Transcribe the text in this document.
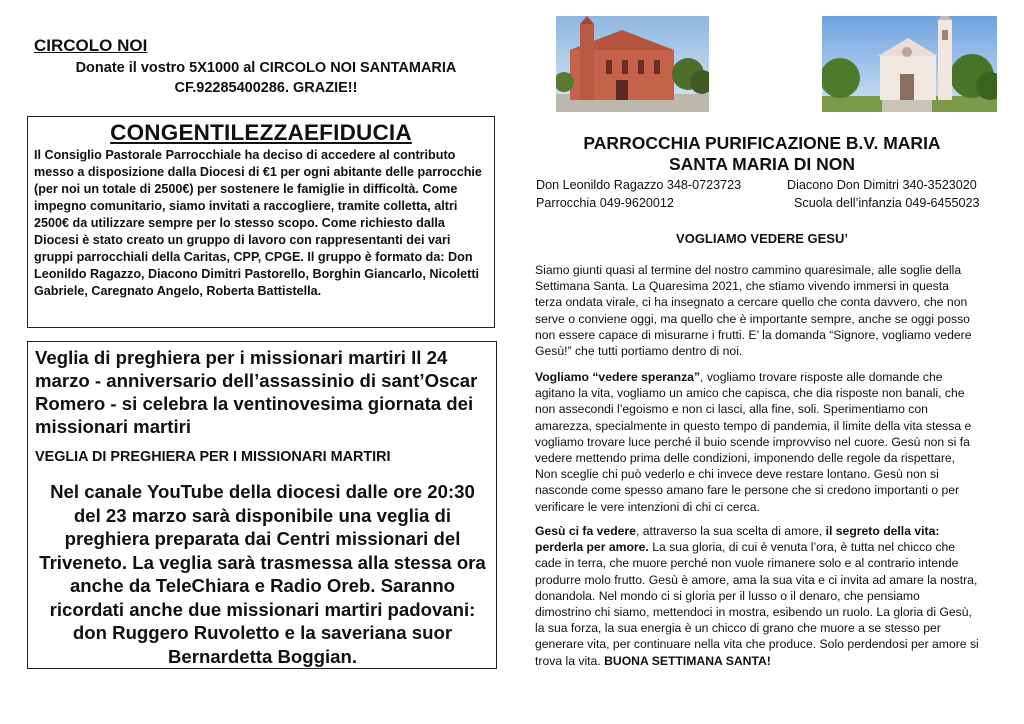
CIRCOLO NOI
Donate il vostro 5X1000 al CIRCOLO NOI SANTAMARIA
CF.92285400286. GRAZIE!!
CONGENTILEZZAEFIDUCIA
Il Consiglio Pastorale Parrocchiale ha deciso di accedere al contributo messo a disposizione dalla Diocesi di €1 per ogni abitante delle parrocchie (per noi un totale di 2500€) per sostenere le famiglie in difficoltà. Come impegno comunitario, siamo invitati a raccogliere, tramite colletta, altri 2500€ da utilizzare sempre per lo stesso scopo. Come richiesto dalla Diocesi è stato creato un gruppo di lavoro con rappresentanti dei vari gruppi parrocchiali della Caritas, CPP, CPGE. Il gruppo è formato da: Don Leonildo Ragazzo, Diacono Dimitri Pastorello, Borghin Giancarlo, Nicoletti Gabriele, Caregnato Angelo, Roberta Battistella.
Veglia di preghiera per i missionari martiri Il 24 marzo - anniversario dell’assassinio di sant’Oscar Romero - si celebra la ventinovesima giornata dei missionari martiri
VEGLIA DI PREGHIERA PER I MISSIONARI MARTIRI
Nel canale YouTube della diocesi dalle ore 20:30 del 23 marzo sarà disponibile una veglia di preghiera preparata dai Centri missionari del Triveneto. La veglia sarà trasmessa alla stessa ora anche da TeleChiara e Radio Oreb. Saranno ricordati anche due missionari martiri padovani: don Ruggero Ruvoletto e la saveriana suor Bernardetta Boggian.
PARROCCHIA PURIFICAZIONE B.V. MARIA
SANTA MARIA DI NON
Don Leonildo Ragazzo 348-0723723	Diacono Don Dimitri 340-3523020
Parrocchia 049-9620012	Scuola dell’infanzia 049-6455023
VOGLIAMO VEDERE GESU’
Siamo giunti quasi al termine del nostro cammino quaresimale, alle soglie della Settimana Santa. La Quaresima 2021, che stiamo vivendo immersi in questa terza ondata virale, ci ha insegnato a cercare quello che conta davvero, che non serve o conviene oggi, ma quello che è importante sempre, anche se oggi posso non essere capace di misurarne i frutti. E’ la domanda “Signore, vogliamo vedere Gesù!” che tutti portiamo dentro di noi.
Vogliamo “vedere speranza”, vogliamo trovare risposte alle domande che agitano la vita, vogliamo un amico che capisca, che dia risposte non banali, che non assecondi l’egoismo e non ci lasci, alla fine, soli. Sperimentiamo con amarezza, specialmente in questo tempo di pandemia, il limite della vita stessa e vogliamo trovare luce perché il buio scende improvviso nel cuore. Gesù non si fa vedere mettendo prima delle condizioni, imponendo delle regole da rispettare, Non sceglie chi può vederlo e chi invece deve restare lontano. Gesù non si nasconde come spesso amano fare le persone che si credono importanti o per verificare le vere intenzioni di chi ci cerca.
Gesù ci fa vedere, attraverso la sua scelta di amore, il segreto della vita: perderla per amore. La sua gloria, di cui è venuta l’ora, è tutta nel chicco che cade in terra, che muore perché non vuole rimanere solo e al contrario intende produrre molo frutto. Gesù è amore, ama la sua vita e ci invita ad amare la nostra, donandola. Nel mondo ci si gloria per il lusso o il denaro, che pensiamo dimostrino chi siamo, mettendoci in mostra, esibendo un ruolo. La gloria di Gesù, la sua forza, la sua energia è un chicco di grano che muore a se stesso per generare vita, per continuare nella vita che produce. Solo perdendosi per amore si trova la vita. BUONA SETTIMANA SANTA!
